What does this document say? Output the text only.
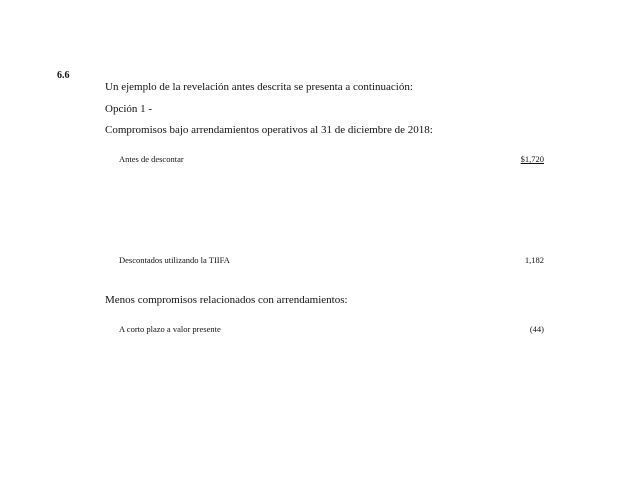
6.6
Un ejemplo de la revelación antes descrita se presenta a continuación:
Opción 1 -
Compromisos bajo arrendamientos operativos al 31 de diciembre de 2018:
Antes de descontar	$1,720
Descontados utilizando la TIIFA	1,182
Menos compromisos relacionados con arrendamientos:
A corto plazo a valor presente	(44)
